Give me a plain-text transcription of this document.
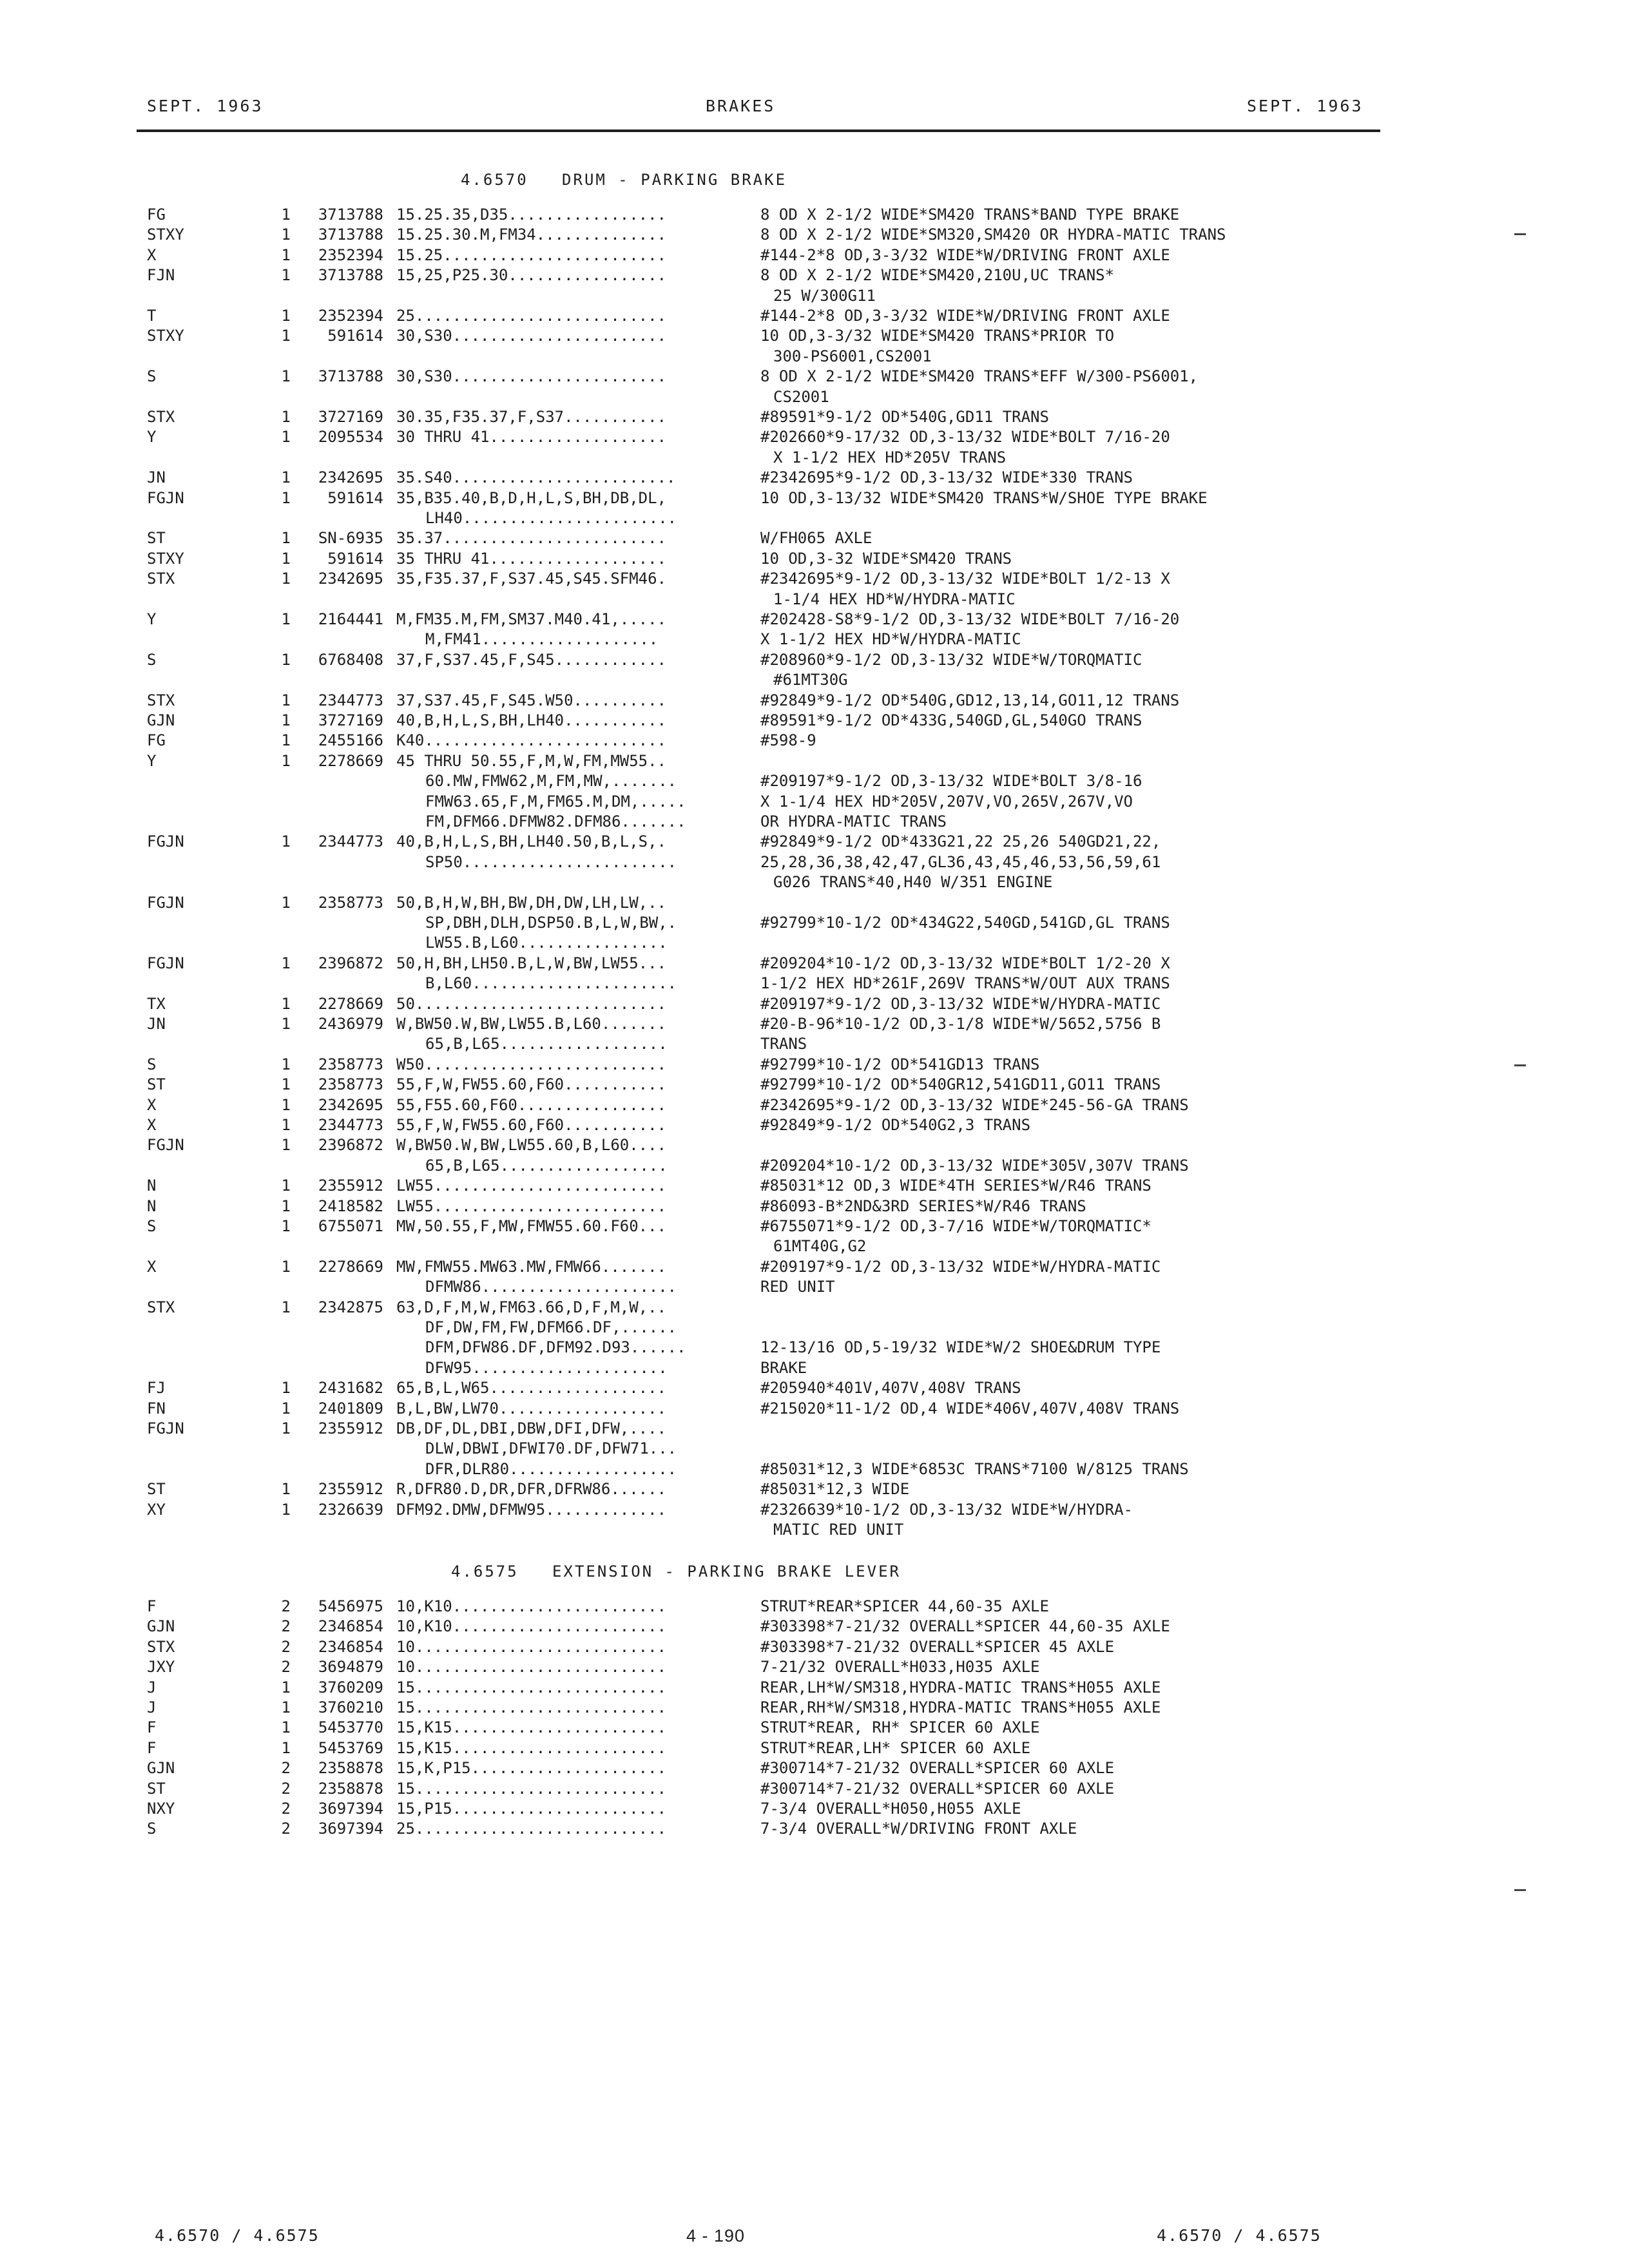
SEPT. 1963	BRAKES	SEPT. 1963
4.6570   DRUM - PARKING BRAKE
FG	1	3713788 15.25.35,D35.................	8 OD X 2-1/2 WIDE*SM420 TRANS*BAND TYPE BRAKE
STXY	1	3713788 15.25.30.M,FM34..............	8 OD X 2-1/2 WIDE*SM320,SM420 OR HYDRA-MATIC TRANS
X	1	2352394 15.25........................	#144-2*8 OD,3-3/32 WIDE*W/DRIVING FRONT AXLE
FJN	1	3713788 15,25,P25.30.................	8 OD X 2-1/2 WIDE*SM420,210U,UC TRANS*
25 W/300G11
T	1	2352394 25...........................	#144-2*8 OD,3-3/32 WIDE*W/DRIVING FRONT AXLE
STXY	1	591614 30,S30.......................	10 OD,3-3/32 WIDE*SM420 TRANS*PRIOR TO
300-PS6001,CS2001
S	1	3713788 30,S30.......................	8 OD X 2-1/2 WIDE*SM420 TRANS*EFF W/300-PS6001,
CS2001
STX	1	3727169 30.35,F35.37,F,S37...........	#89591*9-1/2 OD*540G,GD11 TRANS
Y	1	2095534 30 THRU 41...................	#202660*9-17/32 OD,3-13/32 WIDE*BOLT 7/16-20
X 1-1/2 HEX HD*205V TRANS
JN	1	2342695 35.S40........................	#2342695*9-1/2 OD,3-13/32 WIDE*330 TRANS
FGJN	1	591614 35,B35.40,B,D,H,L,S,BH,DB,DL,
LH40.......................
10 OD,3-13/32 WIDE*SM420 TRANS*W/SHOE TYPE BRAKE
ST	1	SN-6935 35.37........................	W/FH065 AXLE
STXY	1	591614 35 THRU 41...................	10 OD,3-32 WIDE*SM420 TRANS
STX	1	2342695 35,F35.37,F,S37.45,S45.SFM46.	#2342695*9-1/2 OD,3-13/32 WIDE*BOLT 1/2-13 X
1-1/4 HEX HD*W/HYDRA-MATIC
Y	1	2164441 M,FM35.M,FM,SM37.M40.41,.....
M,FM41...................
#202428-S8*9-1/2 OD,3-13/32 WIDE*BOLT 7/16-20
X 1-1/2 HEX HD*W/HYDRA-MATIC
S	1	6768408 37,F,S37.45,F,S45............	#208960*9-1/2 OD,3-13/32 WIDE*W/TORQMATIC
#61MT30G
STX	1	2344773 37,S37.45,F,S45.W50..........	#92849*9-1/2 OD*540G,GD12,13,14,GO11,12 TRANS
GJN	1	3727169 40,B,H,L,S,BH,LH40...........	#89591*9-1/2 OD*433G,540GD,GL,540GO TRANS
FG	1	2455166 K40..........................	#598-9
Y	1	2278669 45 THRU 50.55,F,M,W,FM,MW55..
60.MW,FMW62,M,FM,MW,.......
FMW63.65,F,M,FM65.M,DM,.....
FM,DFM66.DFMW82.DFM86.......
#209197*9-1/2 OD,3-13/32 WIDE*BOLT 3/8-16
X 1-1/4 HEX HD*205V,207V,VO,265V,267V,VO
OR HYDRA-MATIC TRANS
FGJN	1	2344773 40,B,H,L,S,BH,LH40.50,B,L,S,.
SP50.......................
#92849*9-1/2 OD*433G21,22 25,26 540GD21,22,
25,28,36,38,42,47,GL36,43,45,46,53,56,59,61
G026 TRANS*40,H40 W/351 ENGINE
FGJN	1	2358773 50,B,H,W,BH,BW,DH,DW,LH,LW,..
SP,DBH,DLH,DSP50.B,L,W,BW,.
LW55.B,L60................
#92799*10-1/2 OD*434G22,540GD,541GD,GL TRANS
FGJN	1	2396872 50,H,BH,LH50.B,L,W,BW,LW55...
B,L60......................
#209204*10-1/2 OD,3-13/32 WIDE*BOLT 1/2-20 X
1-1/2 HEX HD*261F,269V TRANS*W/OUT AUX TRANS
TX	1	2278669 50...........................	#209197*9-1/2 OD,3-13/32 WIDE*W/HYDRA-MATIC
JN	1	2436979 W,BW50.W,BW,LW55.B,L60.......
65,B,L65..................
#20-B-96*10-1/2 OD,3-1/8 WIDE*W/5652,5756 B
TRANS
S	1	2358773 W50..........................	#92799*10-1/2 OD*541GD13 TRANS
ST	1	2358773 55,F,W,FW55.60,F60...........	#92799*10-1/2 OD*540GR12,541GD11,GO11 TRANS
X	1	2342695 55,F55.60,F60................	#2342695*9-1/2 OD,3-13/32 WIDE*245-56-GA TRANS
X	1	2344773 55,F,W,FW55.60,F60...........	#92849*9-1/2 OD*540G2,3 TRANS
FGJN	1	2396872 W,BW50.W,BW,LW55.60,B,L60....
65,B,L65..................	#209204*10-1/2 OD,3-13/32 WIDE*305V,307V TRANS
N	1	2355912 LW55.........................	#85031*12 OD,3 WIDE*4TH SERIES*W/R46 TRANS
N	1	2418582 LW55.........................	#86093-B*2ND&3RD SERIES*W/R46 TRANS
S	1	6755071 MW,50.55,F,MW,FMW55.60.F60...	#6755071*9-1/2 OD,3-7/16 WIDE*W/TORQMATIC*
61MT40G,G2
X	1	2278669 MW,FMW55.MW63.MW,FMW66.......
DFMW86.....................
#209197*9-1/2 OD,3-13/32 WIDE*W/HYDRA-MATIC
RED UNIT
STX	1	2342875 63,D,F,M,W,FM63.66,D,F,M,W,..
DF,DW,FM,FW,DFM66.DF,......
DFM,DFW86.DF,DFM92.D93......
DFW95.....................
12-13/16 OD,5-19/32 WIDE*W/2 SHOE&DRUM TYPE
BRAKE
FJ	1	2431682 65,B,L,W65...................	#205940*401V,407V,408V TRANS
FN	1	2401809 B,L,BW,LW70..................	#215020*11-1/2 OD,4 WIDE*406V,407V,408V TRANS
FGJN	1	2355912 DB,DF,DL,DBI,DBW,DFI,DFW,....
DLW,DBWI,DFWI70.DF,DFW71...
DFR,DLR80..................	#85031*12,3 WIDE*6853C TRANS*7100 W/8125 TRANS
ST	1	2355912 R,DFR80.D,DR,DFR,DFRW86......	#85031*12,3 WIDE
XY	1	2326639 DFM92.DMW,DFMW95.............	#2326639*10-1/2 OD,3-13/32 WIDE*W/HYDRA-
MATIC RED UNIT
4.6575   EXTENSION - PARKING BRAKE LEVER
F	2	5456975 10,K10.......................	STRUT*REAR*SPICER 44,60-35 AXLE
GJN	2	2346854 10,K10.......................	#303398*7-21/32 OVERALL*SPICER 44,60-35 AXLE
STX	2	2346854 10...........................	#303398*7-21/32 OVERALL*SPICER 45 AXLE
JXY	2	3694879 10...........................	7-21/32 OVERALL*H033,H035 AXLE
J	1	3760209 15...........................	REAR,LH*W/SM318,HYDRA-MATIC TRANS*H055 AXLE
J	1	3760210 15...........................	REAR,RH*W/SM318,HYDRA-MATIC TRANS*H055 AXLE
F	1	5453770 15,K15.......................	STRUT*REAR, RH* SPICER 60 AXLE
F	1	5453769 15,K15.......................	STRUT*REAR,LH* SPICER 60 AXLE
GJN	2	2358878 15,K,P15.....................	#300714*7-21/32 OVERALL*SPICER 60 AXLE
ST	2	2358878 15...........................	#300714*7-21/32 OVERALL*SPICER 60 AXLE
NXY	2	3697394 15,P15.......................	7-3/4 OVERALL*H050,H055 AXLE
S	2	3697394 25...........................	7-3/4 OVERALL*W/DRIVING FRONT AXLE
4.6570 / 4.6575	4 - 190	4.6570 / 4.6575
